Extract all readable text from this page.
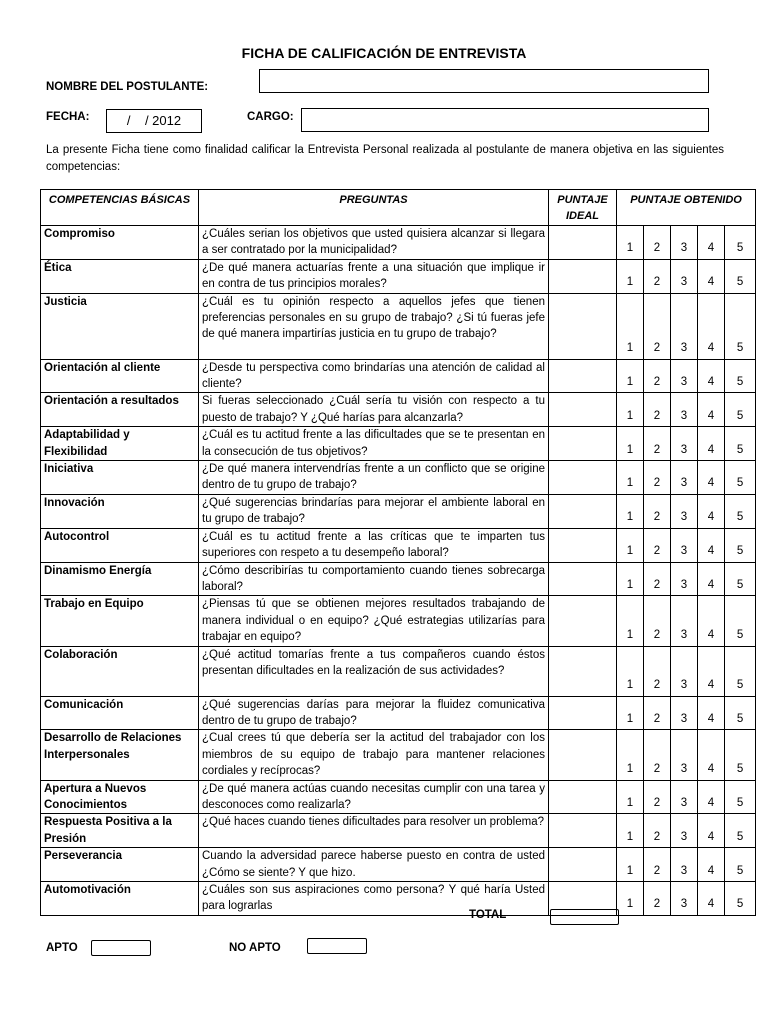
FICHA DE CALIFICACIÓN DE ENTREVISTA
NOMBRE DEL POSTULANTE:
FECHA:	/    / 2012	CARGO:
La presente Ficha tiene como finalidad calificar la Entrevista Personal realizada al postulante de manera objetiva en las siguientes competencias:
COMPETENCIAS BÁSICAS	PREGUNTAS	PUNTAJE IDEAL	PUNTAJE OBTENIDO				
Compromiso	¿Cuáles serian los objetivos que usted quisiera alcanzar si llegara a ser contratado por la municipalidad?		1	2	3	4	5
Ética	¿De qué manera actuarías frente a una situación que implique ir en contra de tus principios morales?		1	2	3	4	5
Justicia	¿Cuál es tu opinión respecto a aquellos jefes que tienen preferencias personales en su grupo de trabajo? ¿Si tú fueras jefe de qué manera impartirías justicia en tu grupo de trabajo?		1	2	3	4	5
Orientación al cliente	¿Desde tu perspectiva como brindarías una atención de calidad al cliente?		1	2	3	4	5
Orientación a resultados	Si fueras seleccionado ¿Cuál sería tu visión con respecto a tu puesto de trabajo? Y ¿Qué harías para alcanzarla?		1	2	3	4	5
Adaptabilidad y Flexibilidad	¿Cuál es tu actitud frente a las dificultades que se te presentan en la consecución de tus objetivos?		1	2	3	4	5
Iniciativa	¿De qué manera intervendrías frente a un conflicto que se origine dentro de tu grupo de trabajo?		1	2	3	4	5
Innovación	¿Qué sugerencias brindarías para mejorar el ambiente laboral en tu grupo de trabajo?		1	2	3	4	5
Autocontrol	¿Cuál es tu actitud frente a las críticas que te imparten tus superiores con respeto a tu desempeño laboral?		1	2	3	4	5
Dinamismo Energía	¿Cómo describirías tu comportamiento cuando tienes sobrecarga laboral?		1	2	3	4	5
Trabajo en Equipo	¿Piensas tú que se obtienen mejores resultados trabajando de manera individual o en equipo? ¿Qué estrategias utilizarías para trabajar en equipo?		1	2	3	4	5
Colaboración	¿Qué actitud tomarías frente a tus compañeros cuando éstos presentan dificultades en la realización de sus actividades?		1	2	3	4	5
Comunicación	¿Qué sugerencias darías para mejorar la fluidez comunicativa dentro de tu grupo de trabajo?		1	2	3	4	5
Desarrollo de Relaciones Interpersonales	¿Cual crees tú que debería ser la actitud del trabajador con los miembros de su equipo de trabajo para mantener relaciones cordiales y recíprocas?		1	2	3	4	5
Apertura a Nuevos Conocimientos	¿De qué manera actúas cuando necesitas cumplir con una tarea y desconoces como realizarla?		1	2	3	4	5
Respuesta Positiva a la Presión	¿Qué haces cuando tienes dificultades para resolver un problema?		1	2	3	4	5
Perseverancia	Cuando la adversidad parece haberse puesto en contra de usted ¿Cómo se siente? Y que hizo.		1	2	3	4	5
Automotivación	¿Cuáles son sus aspiraciones como persona? Y qué haría Usted para lograrlas		1	2	3	4	5
TOTAL
APTO	NO APTO
